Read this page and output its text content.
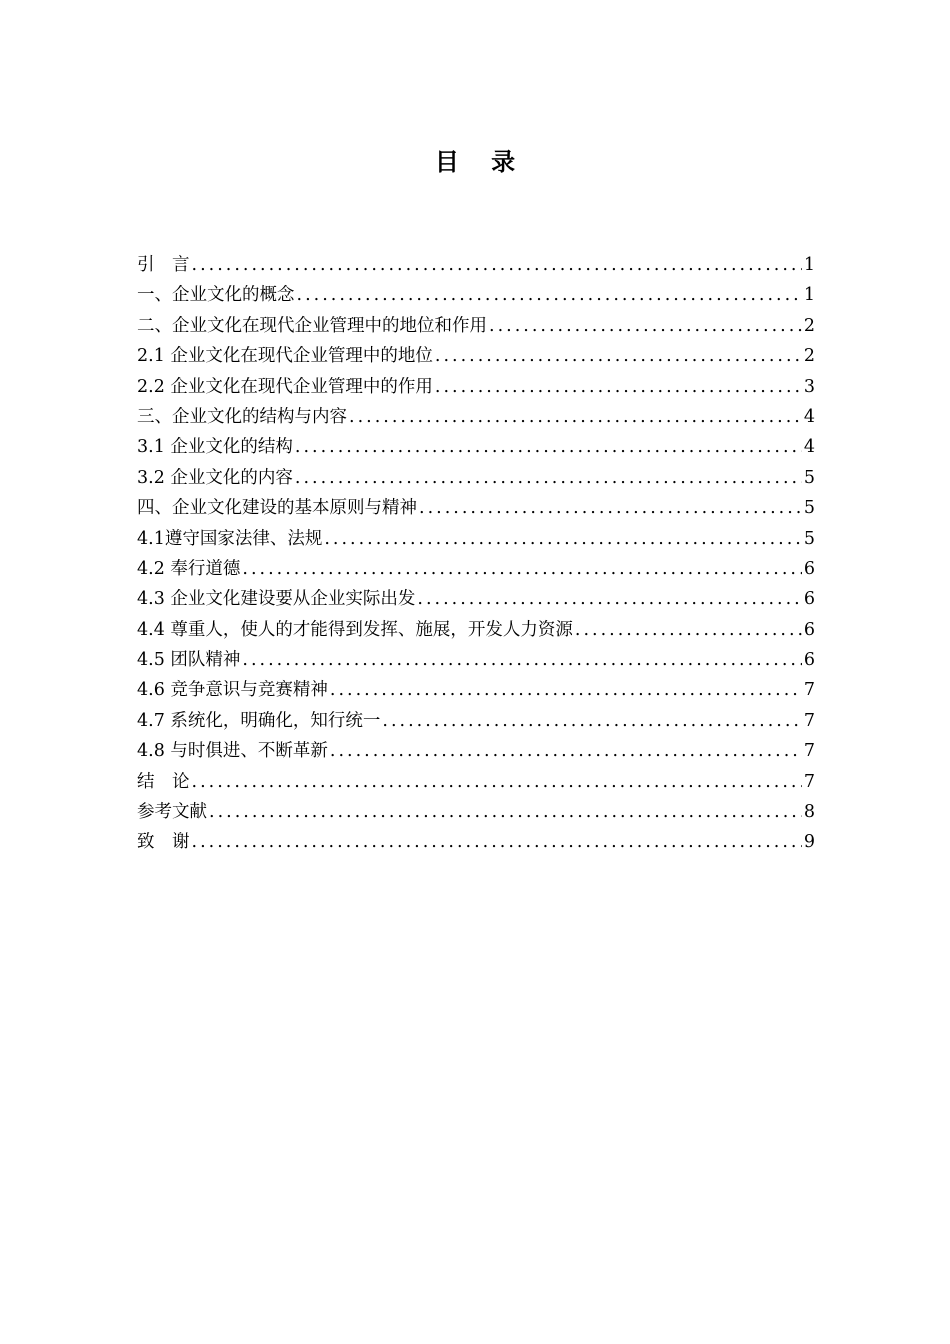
目 录
引　言 .....	1
一、企业文化的概念 .....	1
二、企业文化在现代企业管理中的地位和作用 .....	2
2.1 企业文化在现代企业管理中的地位 .....	2
2.2 企业文化在现代企业管理中的作用 .....	3
三、企业文化的结构与内容 .....	4
3.1 企业文化的结构 .....	4
3.2 企业文化的内容 .....	5
四、企业文化建设的基本原则与精神 .....	5
4.1遵守国家法律、法规 .....	5
4.2 奉行道德 .....	6
4.3 企业文化建设要从企业实际出发 .....	6
4.4 尊重人，使人的才能得到发挥、施展，开发人力资源 .....	6
4.5 团队精神 .....	6
4.6 竞争意识与竞赛精神 .....	7
4.7 系统化，明确化，知行统一 .....	7
4.8 与时俱进、不断革新 .....	7
结　论 .....	7
参考文献 .....	8
致　谢 .....	9
